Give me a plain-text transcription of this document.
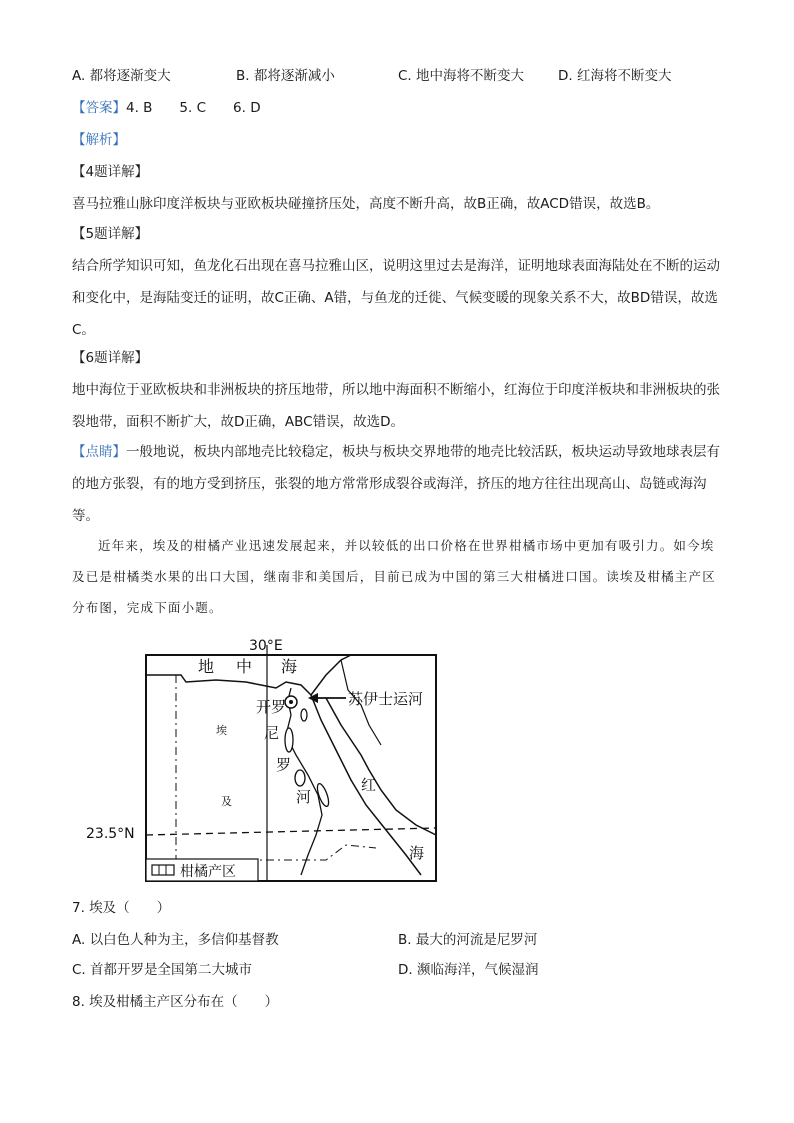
A. 都将逐渐变大	B. 都将逐渐减小	C. 地中海将不断变大	D. 红海将不断变大
【答案】4. B　　5. C　　6. D
【解析】
【4题详解】
喜马拉雅山脉印度洋板块与亚欧板块碰撞挤压处，高度不断升高，故B正确，故ACD错误，故选B。
【5题详解】
结合所学知识可知，鱼龙化石出现在喜马拉雅山区，说明这里过去是海洋，证明地球表面海陆处在不断的运动和变化中，是海陆变迁的证明，故C正确、A错，与鱼龙的迁徙、气候变暖的现象关系不大，故BD错误，故选C。
【6题详解】
地中海位于亚欧板块和非洲板块的挤压地带，所以地中海面积不断缩小，红海位于印度洋板块和非洲板块的张裂地带，面积不断扩大，故D正确，ABC错误，故选D。
【点睛】一般地说，板块内部地壳比较稳定，板块与板块交界地带的地壳比较活跃，板块运动导致地球表层有的地方张裂，有的地方受到挤压，张裂的地方常常形成裂谷或海洋，挤压的地方往往出现高山、岛链或海沟等。
近年来，埃及的柑橘产业迅速发展起来，并以较低的出口价格在世界柑橘市场中更加有吸引力。如今埃及已是柑橘类水果的出口大国，继南非和美国后，目前已成为中国的第三大柑橘进口国。读埃及柑橘主产区分布图，完成下面小题。
30°E
23.5°N
地 中 海
开罗	苏伊士运河
尼
罗
河
红
海
埃
及
柑橘产区
7. 埃及（　　）
A. 以白色人种为主，多信仰基督教	B. 最大的河流是尼罗河
C. 首都开罗是全国第二大城市	D. 濒临海洋，气候湿润
8. 埃及柑橘主产区分布在（　　）
